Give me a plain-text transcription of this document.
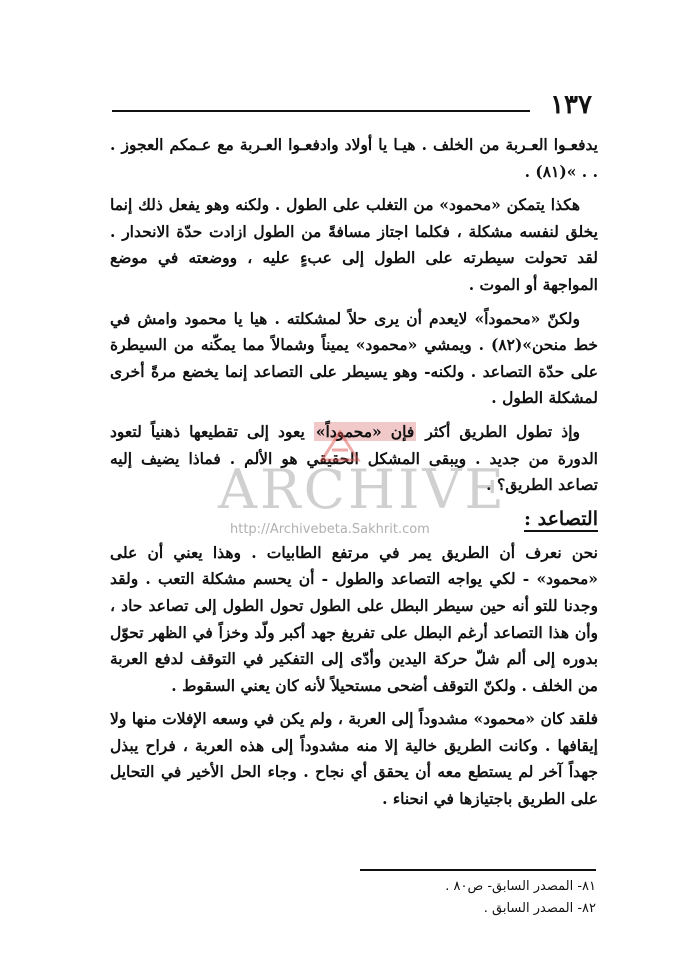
١٣٧

يدفعـوا العـربة من الخلف . هيـا يا أولاد وادفعـوا العـربة مع عـمكم العجوز . . . »(٨١) .

هكذا يتمكن «محمود» من التغلب على الطول . ولكنه وهو يفعل ذلك إنما يخلق لنفسه مشكلة ، فكلما اجتاز مسافةً من الطول ازادت حدّة الانحدار . لقد تحولت سيطرته على الطول إلى عبءٍ عليه ، ووضعته في موضع المواجهة أو الموت .

ولكنّ «محموداً» لايعدم أن يرى حلاً لمشكلته . هيا يا محمود وامش في خط منحن»(٨٢) . ويمشي «محمود» يميناً وشمالاً مما يمكّنه من السيطرة على حدّة التصاعد . ولكنه- وهو يسيطر على التصاعد إنما يخضع مرةً أخرى لمشكلة الطول .

وإذ تطول الطريق أكثر فإن «محموداً» يعود إلى تقطيعها ذهنياً لتعود الدورة من جديد . ويبقى المشكل الحقيقي هو الألم . فماذا يضيف إليه تصاعد الطريق؟ .

التصاعد :

نحن نعرف أن الطريق يمر في مرتفع الطابيات . وهذا يعني أن على «محمود» - لكي يواجه التصاعد والطول - أن يحسم مشكلة التعب . ولقد وجدنا للتو أنه حين سيطر البطل على الطول تحول الطول إلى تصاعد حاد ، وأن هذا التصاعد أرغم البطل على تفريغ جهد أكبر ولّد وخزاً في الظهر تحوّل بدوره إلى ألم شلّ حركة اليدين وأدّى إلى التفكير في التوقف لدفع العربة من الخلف . ولكنّ التوقف أضحى مستحيلاً لأنه كان يعني السقوط .

فلقد كان «محمود» مشدوداً إلى العربة ، ولم يكن في وسعه الإفلات منها ولا إيقافها . وكانت الطريق خالية إلا منه مشدوداً إلى هذه العربة ، فراح يبذل جهداً آخر لم يستطع معه أن يحقق أي نجاح . وجاء الحل الأخير في التحايل على الطريق باجتيازها في انحناء .

ARCHIVE
http://Archivebeta.Sakhrit.com
٨١- المصدر السابق- ص٨٠ .
٨٢- المصدر السابق .
